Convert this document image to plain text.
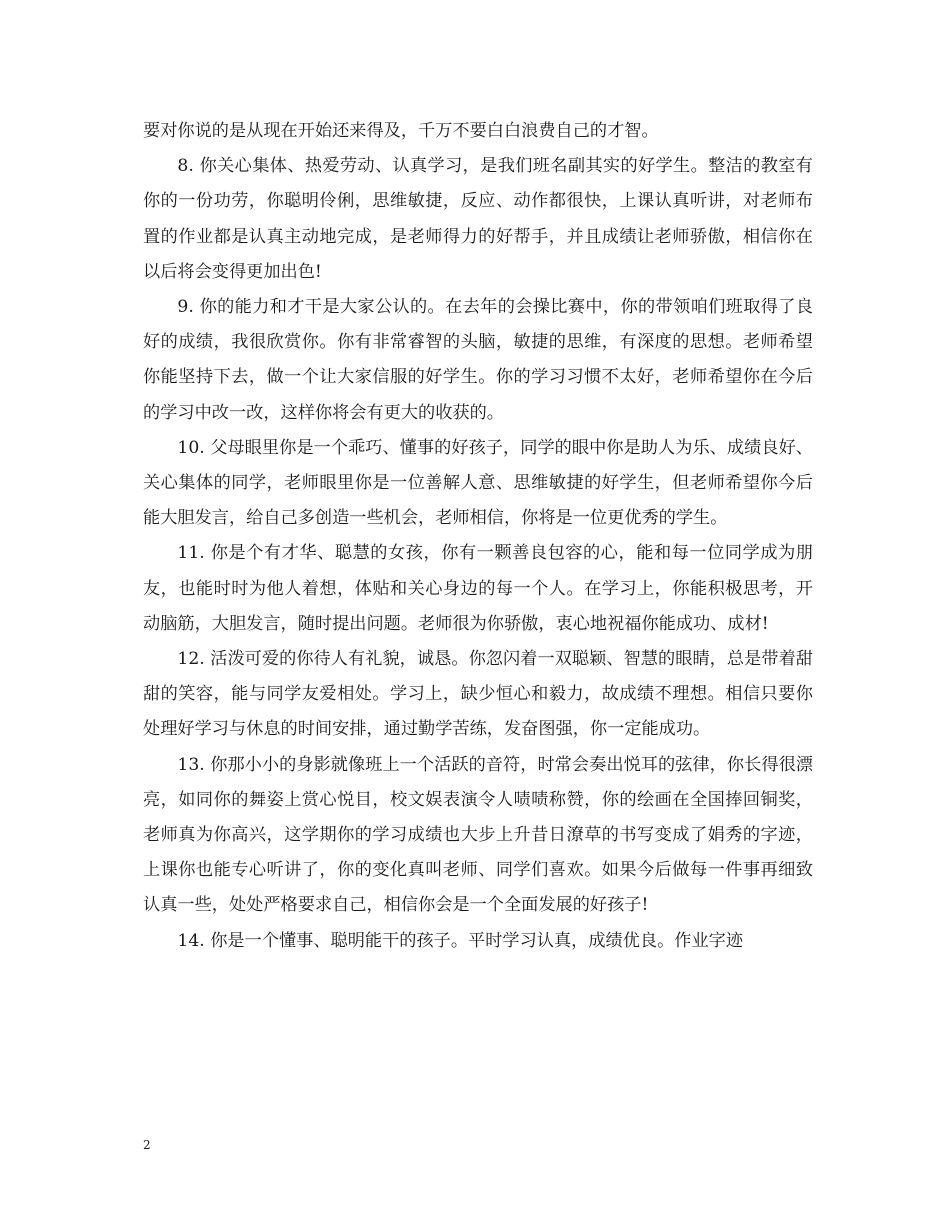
要对你说的是从现在开始还来得及，千万不要白白浪费自己的才智。

8. 你关心集体、热爱劳动、认真学习，是我们班名副其实的好学生。整洁的教室有你的一份功劳，你聪明伶俐，思维敏捷，反应、动作都很快，上课认真听讲，对老师布置的作业都是认真主动地完成，是老师得力的好帮手，并且成绩让老师骄傲，相信你在以后将会变得更加出色!

9. 你的能力和才干是大家公认的。在去年的会操比赛中，你的带领咱们班取得了良好的成绩，我很欣赏你。你有非常睿智的头脑，敏捷的思维，有深度的思想。老师希望你能坚持下去，做一个让大家信服的好学生。你的学习习惯不太好，老师希望你在今后的学习中改一改，这样你将会有更大的收获的。

10. 父母眼里你是一个乖巧、懂事的好孩子，同学的眼中你是助人为乐、成绩良好、关心集体的同学，老师眼里你是一位善解人意、思维敏捷的好学生，但老师希望你今后能大胆发言，给自己多创造一些机会，老师相信，你将是一位更优秀的学生。

11. 你是个有才华、聪慧的女孩，你有一颗善良包容的心，能和每一位同学成为朋友，也能时时为他人着想，体贴和关心身边的每一个人。在学习上，你能积极思考，开动脑筋，大胆发言，随时提出问题。老师很为你骄傲，衷心地祝福你能成功、成材!

12. 活泼可爱的你待人有礼貌，诚恳。你忽闪着一双聪颖、智慧的眼睛，总是带着甜甜的笑容，能与同学友爱相处。学习上，缺少恒心和毅力，故成绩不理想。相信只要你处理好学习与休息的时间安排，通过勤学苦练，发奋图强，你一定能成功。

13. 你那小小的身影就像班上一个活跃的音符，时常会奏出悦耳的弦律，你长得很漂亮，如同你的舞姿上赏心悦目，校文娱表演令人啧啧称赞，你的绘画在全国捧回铜奖，老师真为你高兴，这学期你的学习成绩也大步上升昔日潦草的书写变成了娟秀的字迹，上课你也能专心听讲了，你的变化真叫老师、同学们喜欢。如果今后做每一件事再细致认真一些，处处严格要求自己，相信你会是一个全面发展的好孩子!

14. 你是一个懂事、聪明能干的孩子。平时学习认真，成绩优良。作业字迹

2
